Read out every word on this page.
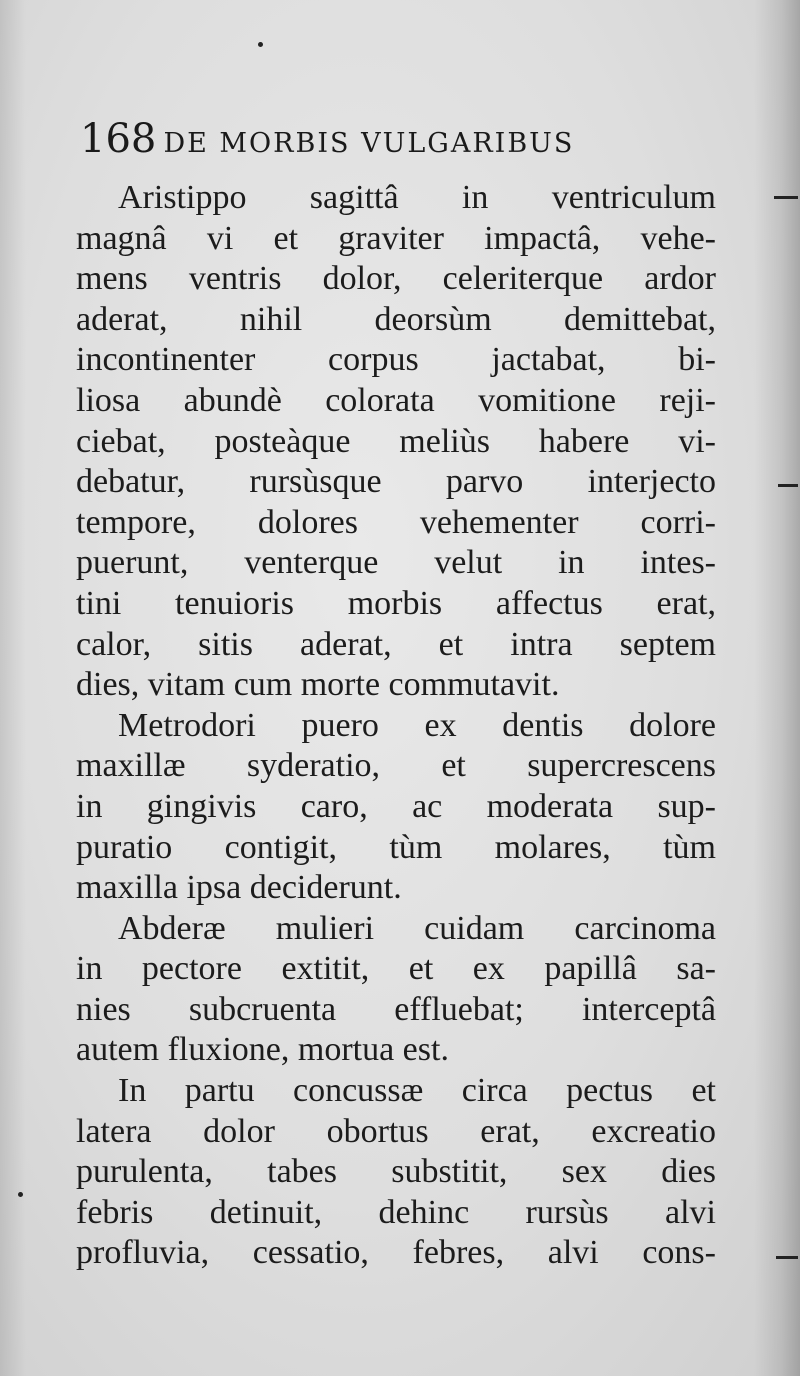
168 DE MORBIS VULGARIBUS

Aristippo sagittâ in ventriculum
magnâ vi et graviter impactâ, vehe-
mens ventris dolor, celeriterque ardor
aderat, nihil deorsùm demittebat,
incontinenter corpus jactabat, bi-
liosa abundè colorata vomitione reji-
ciebat, posteàque meliùs habere vi-
debatur, rursùsque parvo interjecto
tempore, dolores vehementer corri-
puerunt, venterque velut in intes-
tini tenuioris morbis affectus erat,
calor, sitis aderat, et intra septem
dies, vitam cum morte commutavit.

Metrodori puero ex dentis dolore
maxillæ syderatio, et supercrescens
in gingivis caro, ac moderata sup-
puratio contigit, tùm molares, tùm
maxilla ipsa deciderunt.

Abderæ mulieri cuidam carcinoma
in pectore extitit, et ex papillâ sa-
nies subcruenta effluebat; interceptâ
autem fluxione, mortua est.

In partu concussæ circa pectus et
latera dolor obortus erat, excreatio
purulenta, tabes substitit, sex dies
febris detinuit, dehinc rursùs alvi
profluvia, cessatio, febres, alvi cons-
